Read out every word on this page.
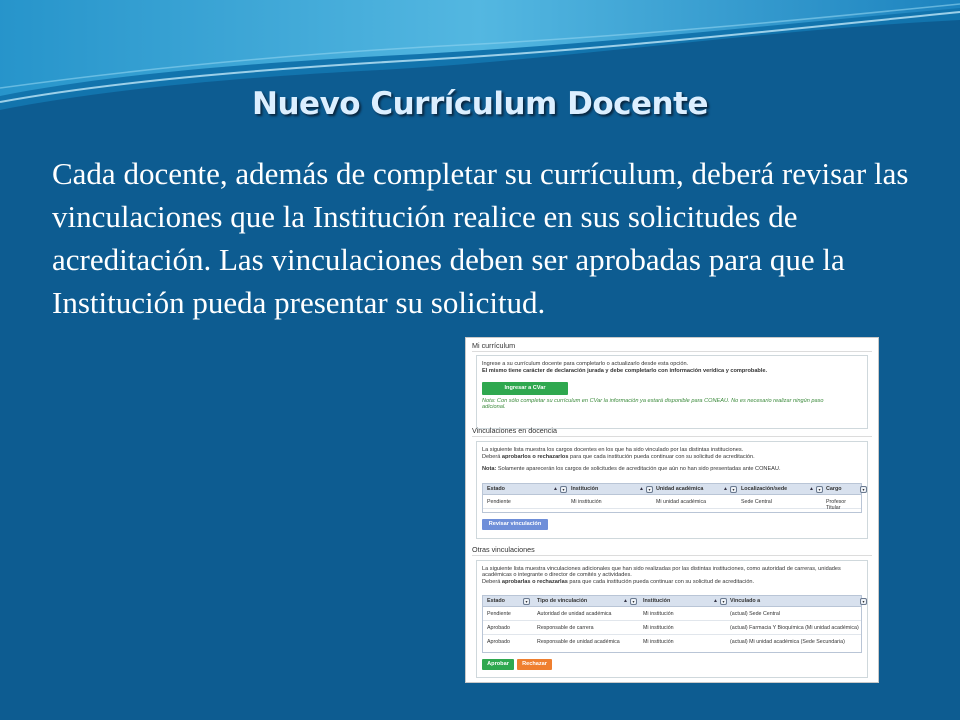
Nuevo Currículum Docente
Cada docente, además de completar su currículum, deberá revisar las vinculaciones que la Institución realice en sus solicitudes de acreditación. Las vinculaciones deben ser aprobadas para que la Institución pueda presentar su solicitud.
Mi currículum
Ingrese a su currículum docente para completarlo o actualizarlo desde esta opción.
El mismo tiene carácter de declaración jurada y debe completarlo con información verídica y comprobable.
Ingresar a CVar
Nota: Con sólo completar su currículum en CVar la información ya estará disponible para CONEAU. No es necesario realizar ningún paso adicional.
Vinculaciones en docencia
La siguiente lista muestra los cargos docentes en los que ha sido vinculado por las distintas instituciones.
Deberá aprobarlos o rechazarlos para que cada institución pueda continuar con su solicitud de acreditación.
Nota: Solamente aparecerán los cargos de solicitudes de acreditación que aún no han sido presentadas ante CONEAU.
Estado	▲	▾	Institución	▲	▾	Unidad académica	▲	▾	Localización/sede	▲	▾	Cargo	▾
Pendiente	Mi institución	Mi unidad académica	Sede Central	Profesor Titular
Revisar vinculación
Otras vinculaciones
La siguiente lista muestra vinculaciones adicionales que han sido realizadas por las distintas instituciones, como autoridad de carreras, unidades académicas o integrante o director de comités y actividades.
Deberá aprobarlas o rechazarlas para que cada institución pueda continuar con su solicitud de acreditación.
Estado	▾	Tipo de vinculación	▲	▾	Institución	▲	▾	Vinculado a	▾
Pendiente	Autoridad de unidad académica	Mi institución	(actual) Sede Central
Aprobado	Responsable de carrera	Mi institución	(actual) Farmacia Y Bioquímica (Mi unidad académica)
Aprobado	Responsable de unidad académica	Mi institución	(actual) Mi unidad académica (Sede Secundaria)
Aprobar	Rechazar
